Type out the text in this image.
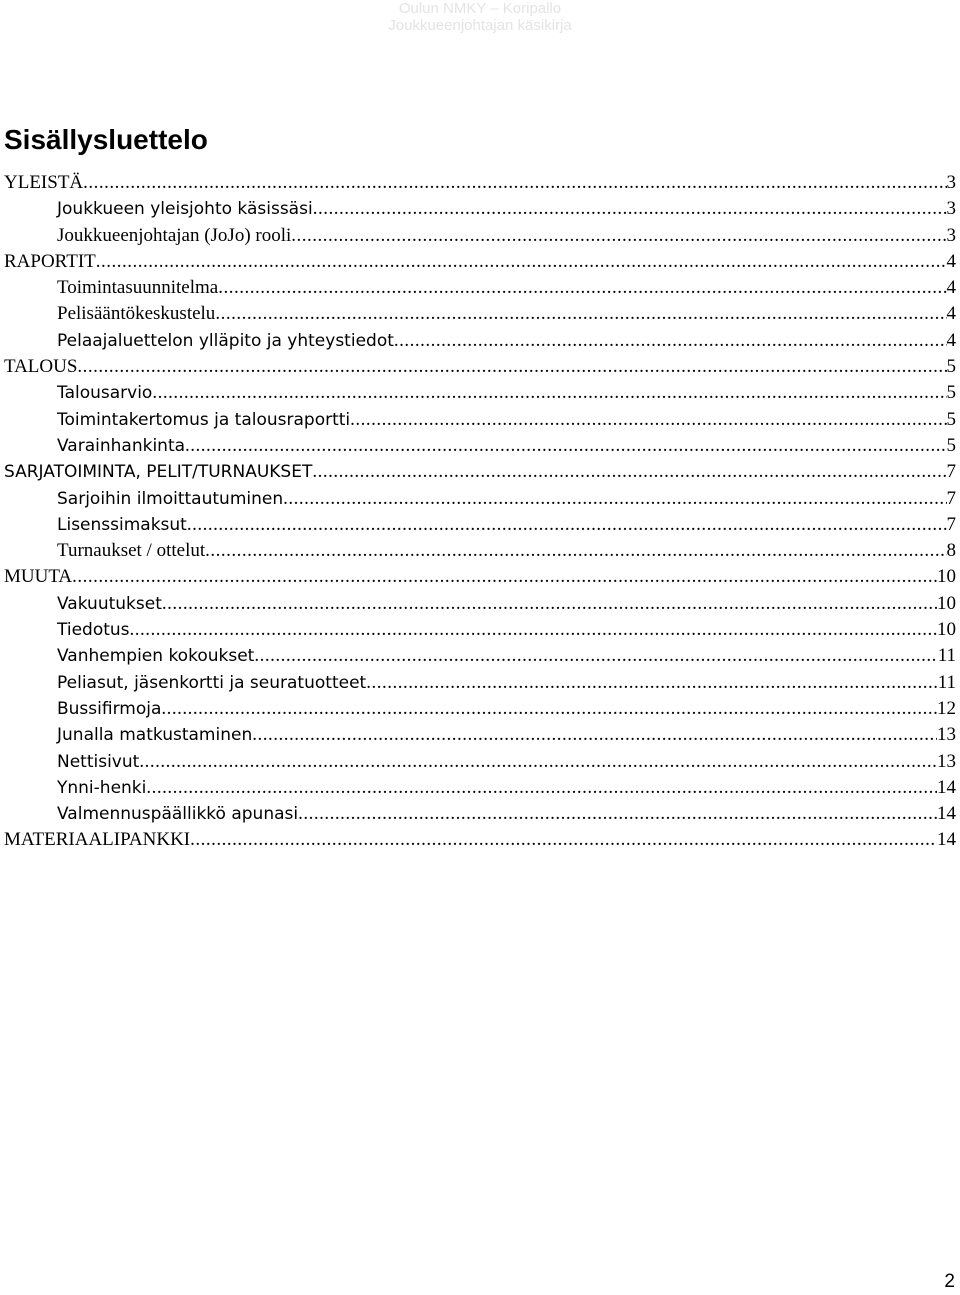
Oulun NMKY – Koripallo
Joukkueenjohtajan käsikirja
Sisällysluettelo
YLEISTÄ .....	3
Joukkueen yleisjohto käsissäsi .....	3
Joukkueenjohtajan (JoJo) rooli .....	3
RAPORTIT .....	4
Toimintasuunnitelma .....	4
Pelisääntökeskustelu .....	4
Pelaajaluettelon ylläpito ja yhteystiedot .....	4
TALOUS .....	5
Talousarvio .....	5
Toimintakertomus ja talousraportti .....	5
Varainhankinta .....	5
SARJATOIMINTA, PELIT/TURNAUKSET .....	7
Sarjoihin ilmoittautuminen .....	7
Lisenssimaksut .....	7
Turnaukset / ottelut .....	8
MUUTA .....	10
Vakuutukset .....	10
Tiedotus .....	10
Vanhempien kokoukset .....	11
Peliasut, jäsenkortti ja seuratuotteet .....	11
Bussifirmoja .....	12
Junalla matkustaminen .....	13
Nettisivut .....	13
Ynni-henki .....	14
Valmennuspäällikkö apunasi .....	14
MATERIAALIPANKKI .....	14
2
